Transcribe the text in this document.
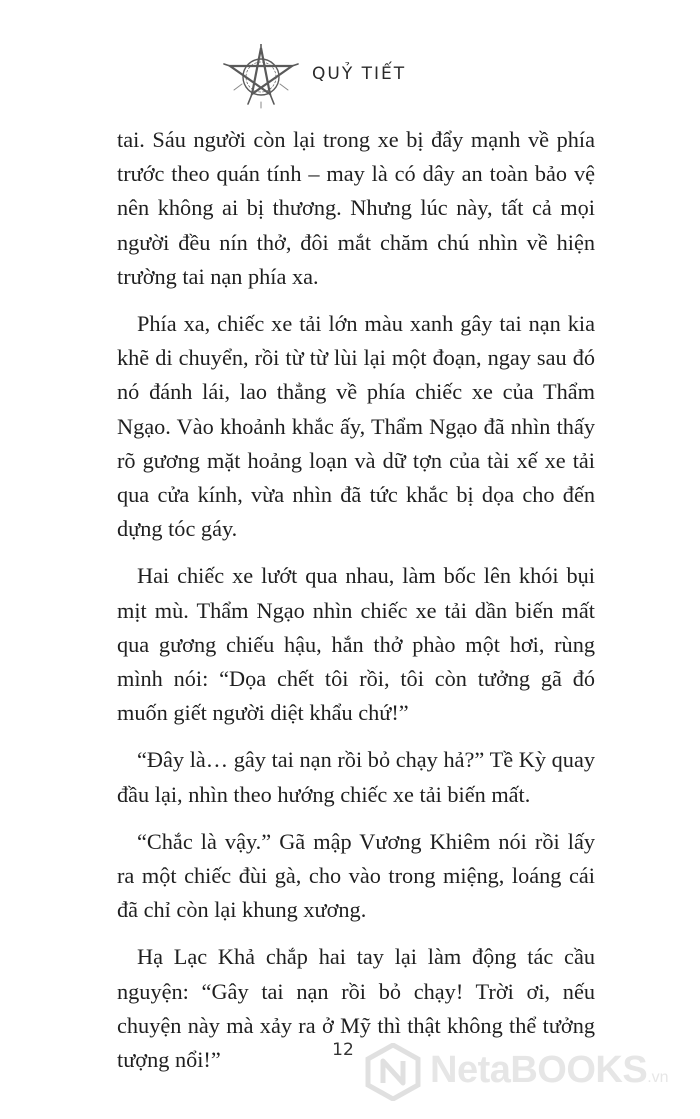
QUỶ TIẾT

tai. Sáu người còn lại trong xe bị đẩy mạnh về phía trước theo quán tính – may là có dây an toàn bảo vệ nên không ai bị thương. Nhưng lúc này, tất cả mọi người đều nín thở, đôi mắt chăm chú nhìn về hiện trường tai nạn phía xa.

Phía xa, chiếc xe tải lớn màu xanh gây tai nạn kia khẽ di chuyển, rồi từ từ lùi lại một đoạn, ngay sau đó nó đánh lái, lao thẳng về phía chiếc xe của Thẩm Ngạo. Vào khoảnh khắc ấy, Thẩm Ngạo đã nhìn thấy rõ gương mặt hoảng loạn và dữ tợn của tài xế xe tải qua cửa kính, vừa nhìn đã tức khắc bị dọa cho đến dựng tóc gáy.

Hai chiếc xe lướt qua nhau, làm bốc lên khói bụi mịt mù. Thẩm Ngạo nhìn chiếc xe tải dần biến mất qua gương chiếu hậu, hắn thở phào một hơi, rùng mình nói: “Dọa chết tôi rồi, tôi còn tưởng gã đó muốn giết người diệt khẩu chứ!”

“Đây là… gây tai nạn rồi bỏ chạy hả?” Tề Kỳ quay đầu lại, nhìn theo hướng chiếc xe tải biến mất.

“Chắc là vậy.” Gã mập Vương Khiêm nói rồi lấy ra một chiếc đùi gà, cho vào trong miệng, loáng cái đã chỉ còn lại khung xương.

Hạ Lạc Khả chắp hai tay lại làm động tác cầu nguyện: “Gây tai nạn rồi bỏ chạy! Trời ơi, nếu chuyện này mà xảy ra ở Mỹ thì thật không thể tưởng tượng nổi!”	12	NetaBOOKS.vn
